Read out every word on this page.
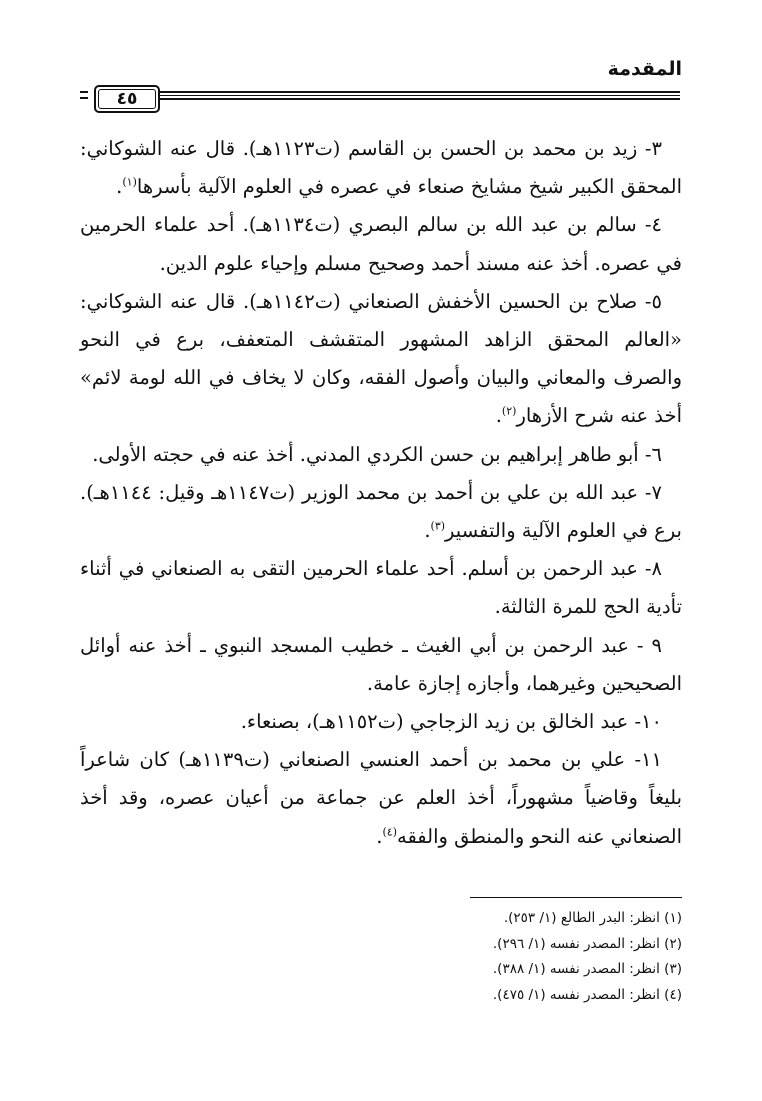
المقدمة
٤٥

٣- زيد بن محمد بن الحسن بن القاسم (ت١١٢٣هـ). قال عنه الشوكاني: المحقق الكبير شيخ مشايخ صنعاء في عصره في العلوم الآلية بأسرها$^{(١)}$.

٤- سالم بن عبد الله بن سالم البصري (ت١١٣٤هـ). أحد علماء الحرمين في عصره. أخذ عنه مسند أحمد وصحيح مسلم وإحياء علوم الدين.

٥- صلاح بن الحسين الأخفش الصنعاني (ت١١٤٢هـ). قال عنه الشوكاني: «العالم المحقق الزاهد المشهور المتقشف المتعفف، برع في النحو والصرف والمعاني والبيان وأصول الفقه، وكان لا يخاف في الله لومة لائم» أخذ عنه شرح الأزهار$^{(٢)}$.

٦- أبو طاهر إبراهيم بن حسن الكردي المدني. أخذ عنه في حجته الأولى.

٧- عبد الله بن علي بن أحمد بن محمد الوزير (ت١١٤٧هـ وقيل: ١١٤٤هـ). برع في العلوم الآلية والتفسير$^{(٣)}$.

٨- عبد الرحمن بن أسلم. أحد علماء الحرمين التقى به الصنعاني في أثناء تأدية الحج للمرة الثالثة.

٩ - عبد الرحمن بن أبي الغيث ـ خطيب المسجد النبوي ـ أخذ عنه أوائل الصحيحين وغيرهما، وأجازه إجازة عامة.

١٠- عبد الخالق بن زيد الزجاجي (ت١١٥٢هـ)، بصنعاء.

١١- علي بن محمد بن أحمد العنسي الصنعاني (ت١١٣٩هـ) كان شاعراً بليغاً وقاضياً مشهوراً، أخذ العلم عن جماعة من أعيان عصره، وقد أخذ الصنعاني عنه النحو والمنطق والفقه$^{(٤)}$.

(١) انظر: البدر الطالع (١/ ٢٥٣).
(٢) انظر: المصدر نفسه (١/ ٢٩٦).
(٣) انظر: المصدر نفسه (١/ ٣٨٨).
(٤) انظر: المصدر نفسه (١/ ٤٧٥).
